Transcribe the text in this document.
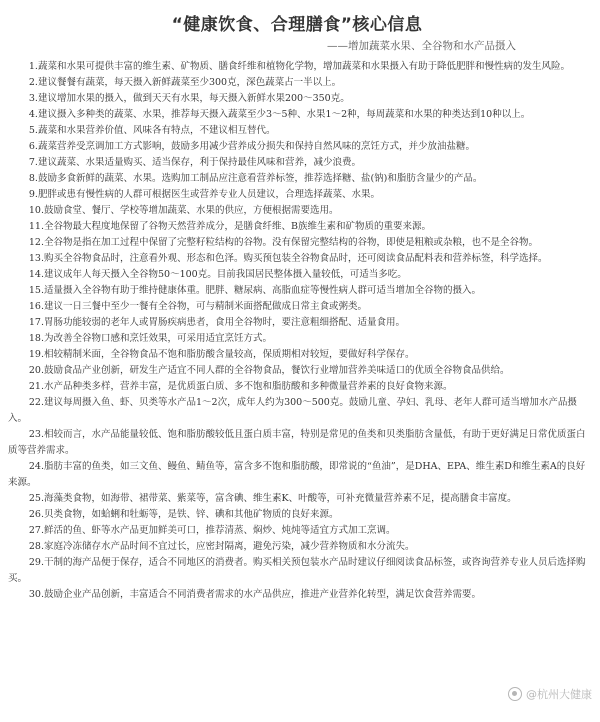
“健康饮食、合理膳食”核心信息
——增加蔬菜水果、全谷物和水产品摄入
1.蔬菜和水果可提供丰富的维生素、矿物质、膳食纤维和植物化学物，增加蔬菜和水果摄入有助于降低肥胖和慢性病的发生风险。
2.建议餐餐有蔬菜，每天摄入新鲜蔬菜至少300克，深色蔬菜占一半以上。
3.建议增加水果的摄入，做到天天有水果，每天摄入新鲜水果200～350克。
4.建议摄入多种类的蔬菜、水果，推荐每天摄入蔬菜至少3～5种、水果1～2种，每周蔬菜和水果的种类达到10种以上。
5.蔬菜和水果营养价值、风味各有特点，不建议相互替代。
6.蔬菜营养受烹调加工方式影响，鼓励多用减少营养成分损失和保持自然风味的烹饪方式，并少放油盐糖。
7.建议蔬菜、水果适量购买、适当保存，利于保持最佳风味和营养，减少浪费。
8.鼓励多食新鲜的蔬菜、水果。选购加工制品应注意看营养标签，推荐选择糖、盐(钠)和脂肪含量少的产品。
9.肥胖或患有慢性病的人群可根据医生或营养专业人员建议，合理选择蔬菜、水果。
10.鼓励食堂、餐厅、学校等增加蔬菜、水果的供应，方便根据需要选用。
11.全谷物最大程度地保留了谷物天然营养成分，是膳食纤维、B族维生素和矿物质的重要来源。
12.全谷物是指在加工过程中保留了完整籽粒结构的谷物。没有保留完整结构的谷物，即使是粗粮或杂粮，也不是全谷物。
13.购买全谷物食品时，注意看外观、形态和色泽。购买预包装全谷物食品时，还可阅读食品配料表和营养标签，科学选择。
14.建议成年人每天摄入全谷物50～100克。目前我国居民整体摄入量较低，可适当多吃。
15.适量摄入全谷物有助于维持健康体重。肥胖、糖尿病、高脂血症等慢性病人群可适当增加全谷物的摄入。
16.建议一日三餐中至少一餐有全谷物，可与精制米面搭配做成日常主食或粥类。
17.胃肠功能较弱的老年人或胃肠疾病患者，食用全谷物时，要注意粗细搭配、适量食用。
18.为改善全谷物口感和烹饪效果，可采用适宜烹饪方式。
19.相较精制米面，全谷物食品不饱和脂肪酸含量较高，保质期相对较短，要做好科学保存。
20.鼓励食品产业创新，研发生产适宜不同人群的全谷物食品，餐饮行业增加营养美味适口的优质全谷物食品供给。
21.水产品种类多样，营养丰富，是优质蛋白质、多不饱和脂肪酸和多种微量营养素的良好食物来源。
22.建议每周摄入鱼、虾、贝类等水产品1～2次，成年人约为300～500克。鼓励儿童、孕妇、乳母、老年人群可适当增加水产品摄入。
23.相较而言，水产品能量较低、饱和脂肪酸较低且蛋白质丰富，特别是常见的鱼类和贝类脂肪含量低，有助于更好满足日常优质蛋白质等营养需求。
24.脂肪丰富的鱼类，如三文鱼、鳗鱼、鲭鱼等，富含多不饱和脂肪酸，即常说的“鱼油”，是DHA、EPA、维生素D和维生素A的良好来源。
25.海藻类食物，如海带、裙带菜、紫菜等，富含碘、维生素K、叶酸等，可补充微量营养素不足，提高膳食丰富度。
26.贝类食物，如蛤蜊和牡蛎等，是铁、锌、碘和其他矿物质的良好来源。
27.鲜活的鱼、虾等水产品更加鲜美可口，推荐清蒸、焖炒、炖炖等适宜方式加工烹调。
28.家庭冷冻储存水产品时间不宜过长，应密封隔离，避免污染，减少营养物质和水分流失。
29.干制的海产品便于保存，适合不同地区的消费者。购买相关预包装水产品时建议仔细阅读食品标签，或咨询营养专业人员后选择购买。
30.鼓励企业产品创新，丰富适合不同消费者需求的水产品供应，推进产业营养化转型，满足饮食营养需要。
@杭州大健康
